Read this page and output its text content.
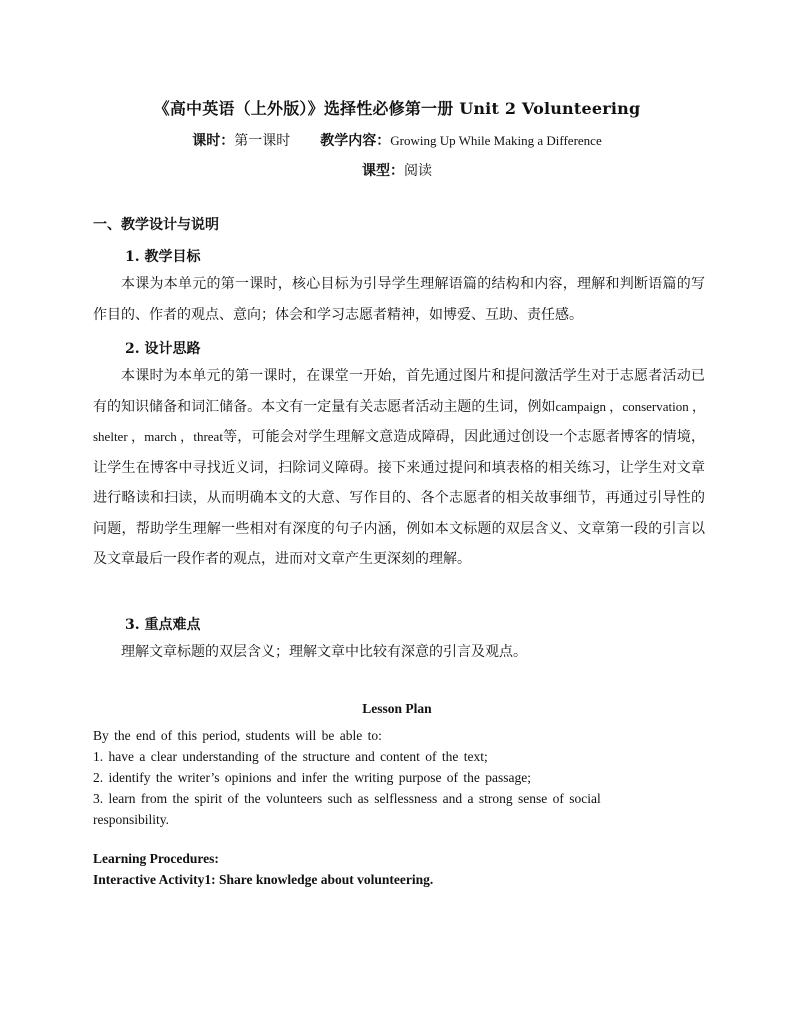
《高中英语（上外版）》选择性必修第一册 Unit 2 Volunteering
课时：第一课时 教学内容：Growing Up While Making a Difference
课型：阅读
一、教学设计与说明
1. 教学目标
本课为本单元的第一课时，核心目标为引导学生理解语篇的结构和内容，理解和判断语篇的写作目的、作者的观点、意向；体会和学习志愿者精神，如博爱、互助、责任感。
2. 设计思路
本课时为本单元的第一课时，在课堂一开始，首先通过图片和提问激活学生对于志愿者活动已有的知识储备和词汇储备。本文有一定量有关志愿者活动主题的生词，例如campaign ，conservation ，shelter ，march ，threat等，可能会对学生理解文意造成障碍，因此通过创设一个志愿者博客的情境，让学生在博客中寻找近义词，扫除词义障碍。接下来通过提问和填表格的相关练习，让学生对文章进行略读和扫读，从而明确本文的大意、写作目的、各个志愿者的相关故事细节，再通过引导性的问题，帮助学生理解一些相对有深度的句子内涵，例如本文标题的双层含义、文章第一段的引言以及文章最后一段作者的观点，进而对文章产生更深刻的理解。
3. 重点难点
理解文章标题的双层含义；理解文章中比较有深意的引言及观点。
Lesson Plan
By the end of this period, students will be able to:
1. have a clear understanding of the structure and content of the text;
2. identify the writer’s opinions and infer the writing purpose of the passage;
3. learn from the spirit of the volunteers such as selflessness and a strong sense of social responsibility.
Learning Procedures:
Interactive Activity1: Share knowledge about volunteering.
